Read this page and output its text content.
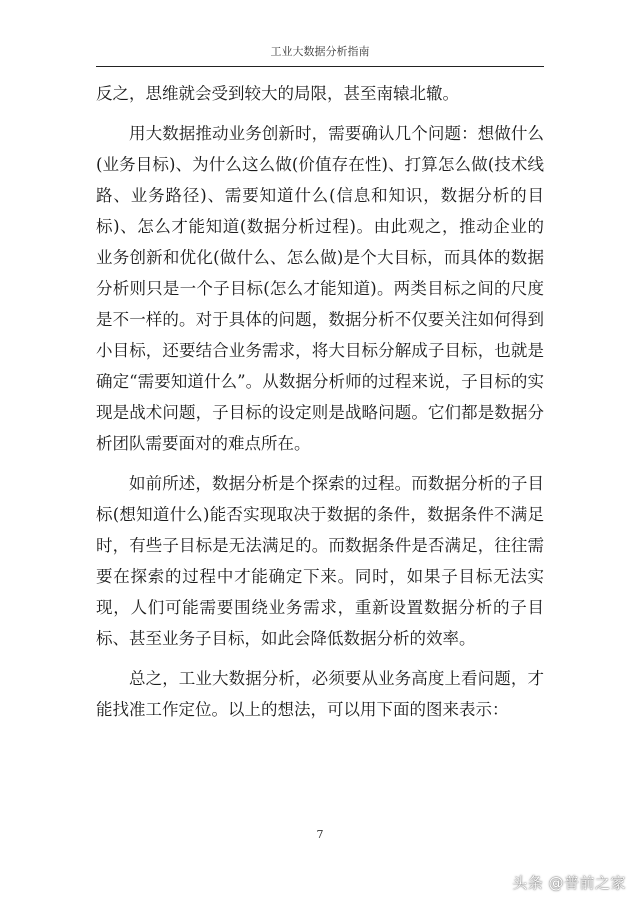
工业大数据分析指南

反之，思维就会受到较大的局限，甚至南辕北辙。

用大数据推动业务创新时，需要确认几个问题：想做什么(业务目标)、为什么这么做(价值存在性)、打算怎么做(技术线路、业务路径)、需要知道什么(信息和知识，数据分析的目标)、怎么才能知道(数据分析过程)。由此观之，推动企业的业务创新和优化(做什么、怎么做)是个大目标，而具体的数据分析则只是一个子目标(怎么才能知道)。两类目标之间的尺度是不一样的。对于具体的问题，数据分析不仅要关注如何得到小目标，还要结合业务需求，将大目标分解成子目标，也就是确定“需要知道什么”。从数据分析师的过程来说，子目标的实现是战术问题，子目标的设定则是战略问题。它们都是数据分析团队需要面对的难点所在。

如前所述，数据分析是个探索的过程。而数据分析的子目标(想知道什么)能否实现取决于数据的条件，数据条件不满足时，有些子目标是无法满足的。而数据条件是否满足，往往需要在探索的过程中才能确定下来。同时，如果子目标无法实现，人们可能需要围绕业务需求，重新设置数据分析的子目标、甚至业务子目标，如此会降低数据分析的效率。

总之，工业大数据分析，必须要从业务高度上看问题，才能找准工作定位。以上的想法，可以用下面的图来表示：

7
头条 @普前之家
